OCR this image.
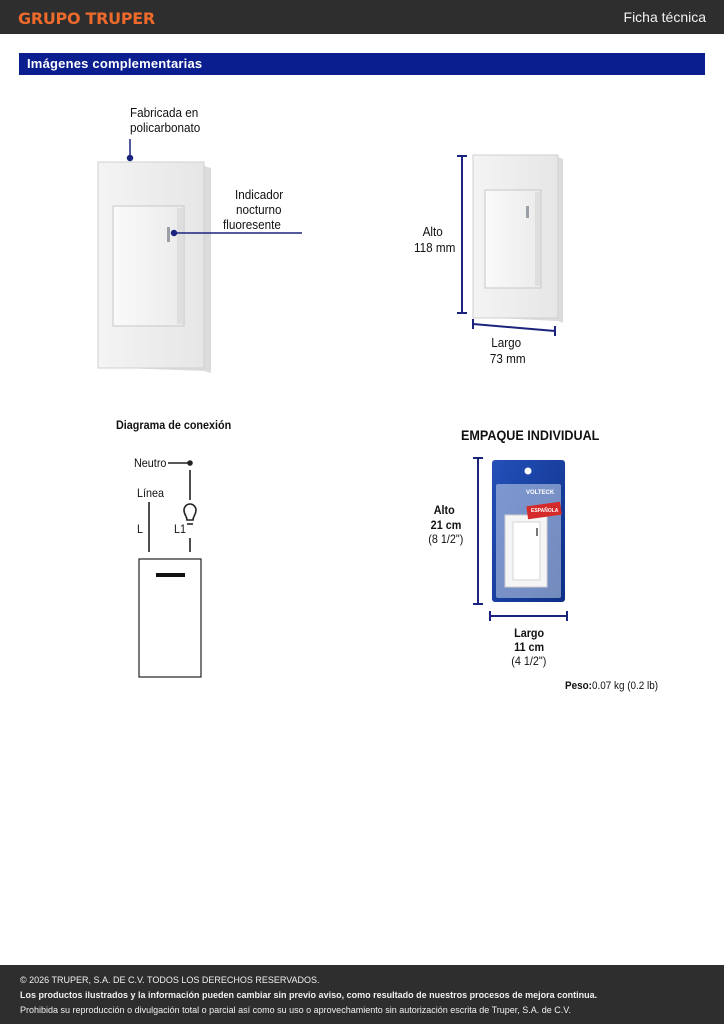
GRUPO TRUPER	Ficha técnica
Imágenes complementarias
VOLTECK
ESPAÑOLA
Fabricada en
policarbonato
Indicador
nocturno
fluoresente	Alto
118 mm
Largo
73 mm
Diagrama de conexión
Neutro
Línea
L	L1
EMPAQUE INDIVIDUAL
Alto
21 cm
(8 1/2")
Largo
11 cm
(4 1/2")
Peso: 0.07 kg (0.2 lb)
© 2026 TRUPER, S.A. DE C.V. TODOS LOS DERECHOS RESERVADOS.
Los productos ilustrados y la información pueden cambiar sin previo aviso, como resultado de nuestros procesos de mejora continua.
Prohibida su reproducción o divulgación total o parcial así como su uso o aprovechamiento sin autorización escrita de Truper, S.A. de C.V.
